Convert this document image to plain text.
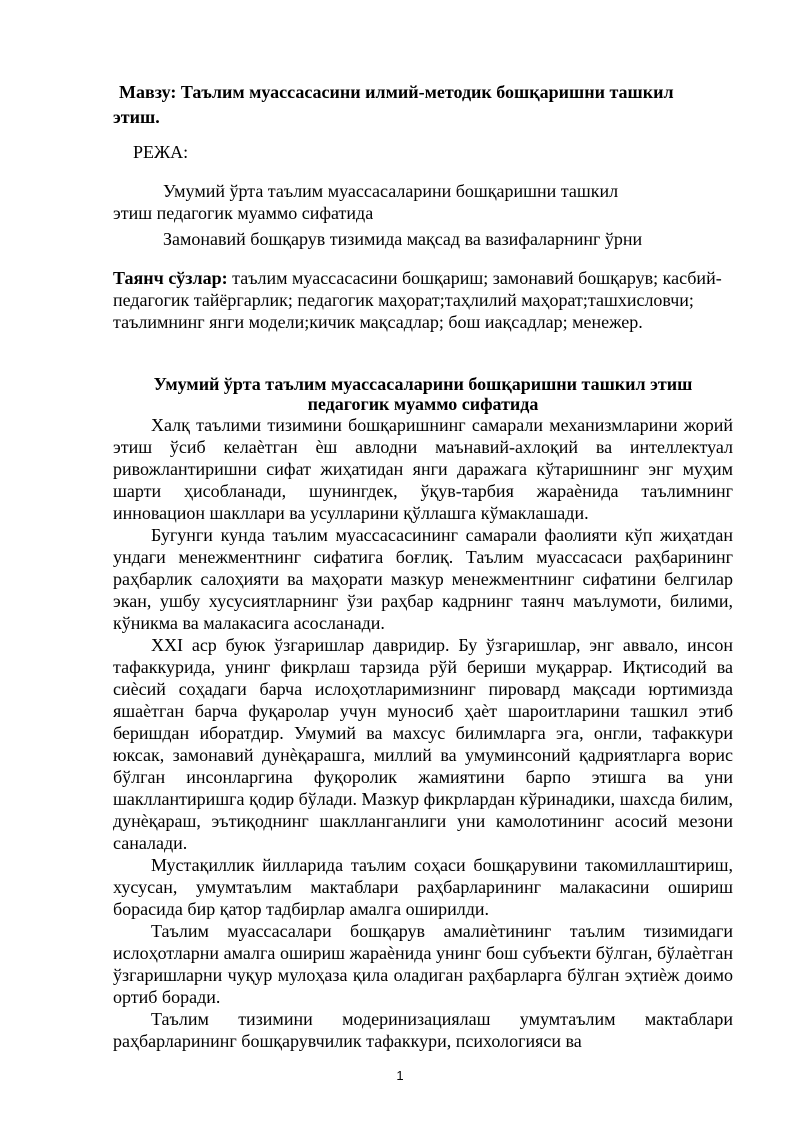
Мавзу: Таълим муассасасини илмий-методик бошқаришни ташкил
этиш.
РЕЖА:
Умумий ўрта таълим муассасаларини бошқаришни ташкил
этиш педагогик муаммо сифатида
Замонавий бошқарув тизимида мақсад ва вазифаларнинг ўрни
Таянч сўзлар: таълим муассасасини бошқариш; замонавий бошқарув; касбий-педагогик тайёргарлик; педагогик маҳорат;таҳлилий маҳорат;ташхисловчи; таълимнинг янги модели;кичик мақсадлар; бош иақсадлар; менежер.
Умумий ўрта таълим муассасаларини бошқаришни ташкил этиш педагогик муаммо сифатида

Халқ таълими тизимини бошқаришнинг самарали механизмларини жорий этиш ўсиб келаѐтган ѐш авлодни маънавий-ахлоқий ва интеллектуал ривожлантиришни сифат жиҳатидан янги даражага кўтаришнинг энг муҳим шарти ҳисобланади, шунингдек, ўқув-тарбия жараѐнида таълимнинг инновацион шакллари ва усулларини қўллашга кўмаклашади.

Бугунги кунда таълим муассасасининг самарали фаолияти кўп жиҳатдан ундаги менежментнинг сифатига боғлиқ. Таълим муассасаси раҳбарининг раҳбарлик салоҳияти ва маҳорати мазкур менежментнинг сифатини белгилар экан, ушбу хусусиятларнинг ўзи раҳбар кадрнинг таянч маълумоти, билими, кўникма ва малакасига асосланади.

XXI аср буюк ўзгаришлар давридир. Бу ўзгаришлар, энг аввало, инсон тафаккурида, унинг фикрлаш тарзида рўй бериши муқаррар. Иқтисодий ва сиѐсий соҳадаги барча ислоҳотларимизнинг пировард мақсади юртимизда яшаѐтган барча фуқаролар учун муносиб ҳаѐт шароитларини ташкил этиб беришдан иборатдир. Умумий ва махсус билимларга эга, онгли, тафаккури юксак, замонавий дунѐқарашга, миллий ва умуминсоний қадриятларга ворис бўлган инсонларгина фуқоролик жамиятини барпо этишга ва уни шакллантиришга қодир бўлади. Мазкур фикрлардан кўринадики, шахсда билим, дунѐқараш, эътиқоднинг шаклланганлиги уни камолотининг асосий мезони саналади.

Мустақиллик йилларида таълим соҳаси бошқарувини такомиллаштириш, хусусан, умумтаълим мактаблари раҳбарларининг малакасини ошириш борасида бир қатор тадбирлар амалга оширилди.

Таълим муассасалари бошқарув амалиѐтининг таълим тизимидаги ислоҳотларни амалга ошириш жараѐнида унинг бош субъекти бўлган, бўлаѐтган ўзгаришларни чуқур мулоҳаза қила оладиган раҳбарларга бўлган эҳтиѐж доимо ортиб боради.

Таълим тизимини модеринизациялаш умумтаълим мактаблари раҳбарларининг бошқарувчилик тафаккури, психологияси ва

1
